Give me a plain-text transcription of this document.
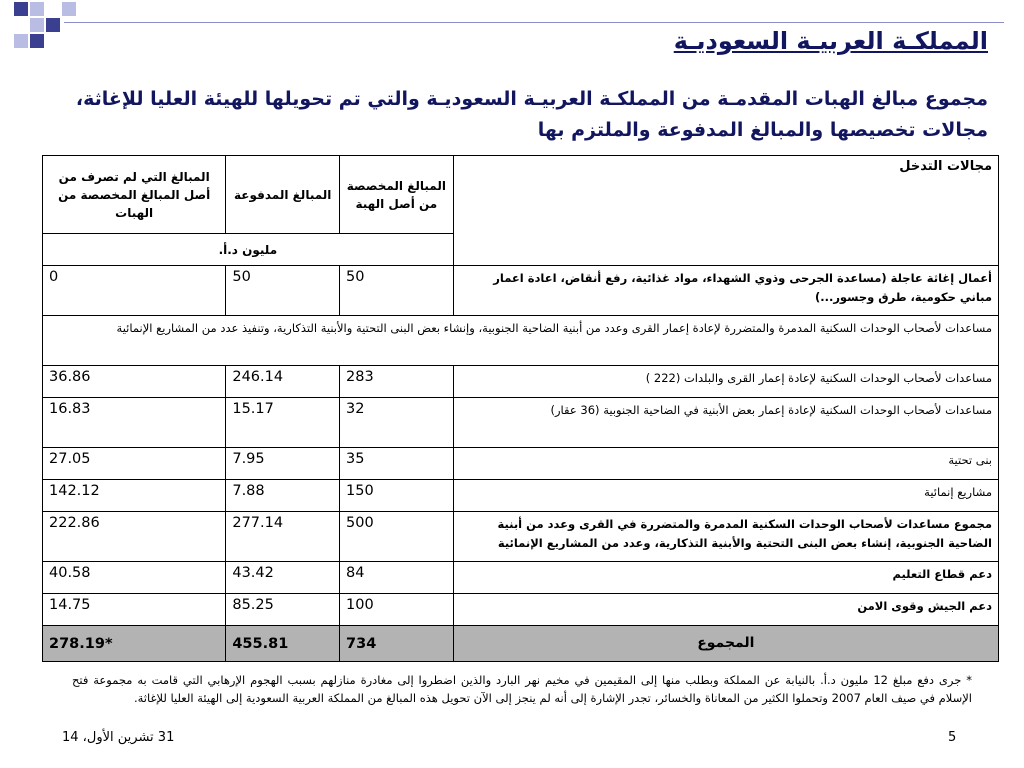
المملكـة العربيـة السعوديـة
مجموع مبالغ الهبات المقدمـة من المملكـة العربيـة السعوديـة والتي تم تحويلها للهيئة العليا للإغاثة، مجالات تخصيصها والمبالغ المدفوعة والملتزم بها
مجالات التدخل	المبالغ المخصصة من أصل الهبة	المبالغ المدفوعة	المبالغ التي لم تصرف من أصل المبالغ المخصصة من الهبات
	مليون د.أ.		
أعمال إغاثة عاجلة (مساعدة الجرحى وذوي الشهداء، مواد غذائية، رفع أنقاض، اعادة اعمار مباني حكومية، طرق وجسور...)	50	50	0
مساعدات لأصحاب الوحدات السكنية المدمرة والمتضررة لإعادة إعمار القرى وعدد من أبنية الضاحية الجنوبية، وإنشاء بعض البنى التحتية والأبنية التذكارية، وتنفيذ عدد من المشاريع الإنمائية			
مساعدات لأصحاب الوحدات السكنية لإعادة إعمار القرى والبلدات (222 )	283	246.14	36.86
مساعدات لأصحاب الوحدات السكنية لإعادة إعمار بعض الأبنية في الضاحية الجنوبية (36 عقار)	32	15.17	16.83
بنى تحتية	35	7.95	27.05
مشاريع إنمائية	150	7.88	142.12
مجموع مساعدات لأصحاب الوحدات السكنية المدمرة والمتضررة في القرى وعدد من أبنية الضاحية الجنوبية، إنشاء بعض البنى التحتية والأبنية التذكارية، وعدد من المشاريع الإنمائية	500	277.14	222.86
دعم قطاع التعليم	84	43.42	40.58
دعم الجيش وقوى الامن	100	85.25	14.75
المجموع	734	455.81	278.19*
* جرى دفع مبلغ 12 مليون د.أ. بالنيابة عن المملكة وبطلب منها إلى المقيمين في مخيم نهر البارد والذين اضطروا إلى مغادرة منازلهم بسبب الهجوم الإرهابي التي قامت به مجموعة فتح الإسلام في صيف العام 2007 وتحملوا الكثير من المعاناة والخسائر، تجدر الإشارة إلى أنه لم ينجز إلى الآن تحويل هذه المبالغ من المملكة العربية السعودية إلى الهيئة العليا للإغاثة.
31 تشرين الأول، 14	5
